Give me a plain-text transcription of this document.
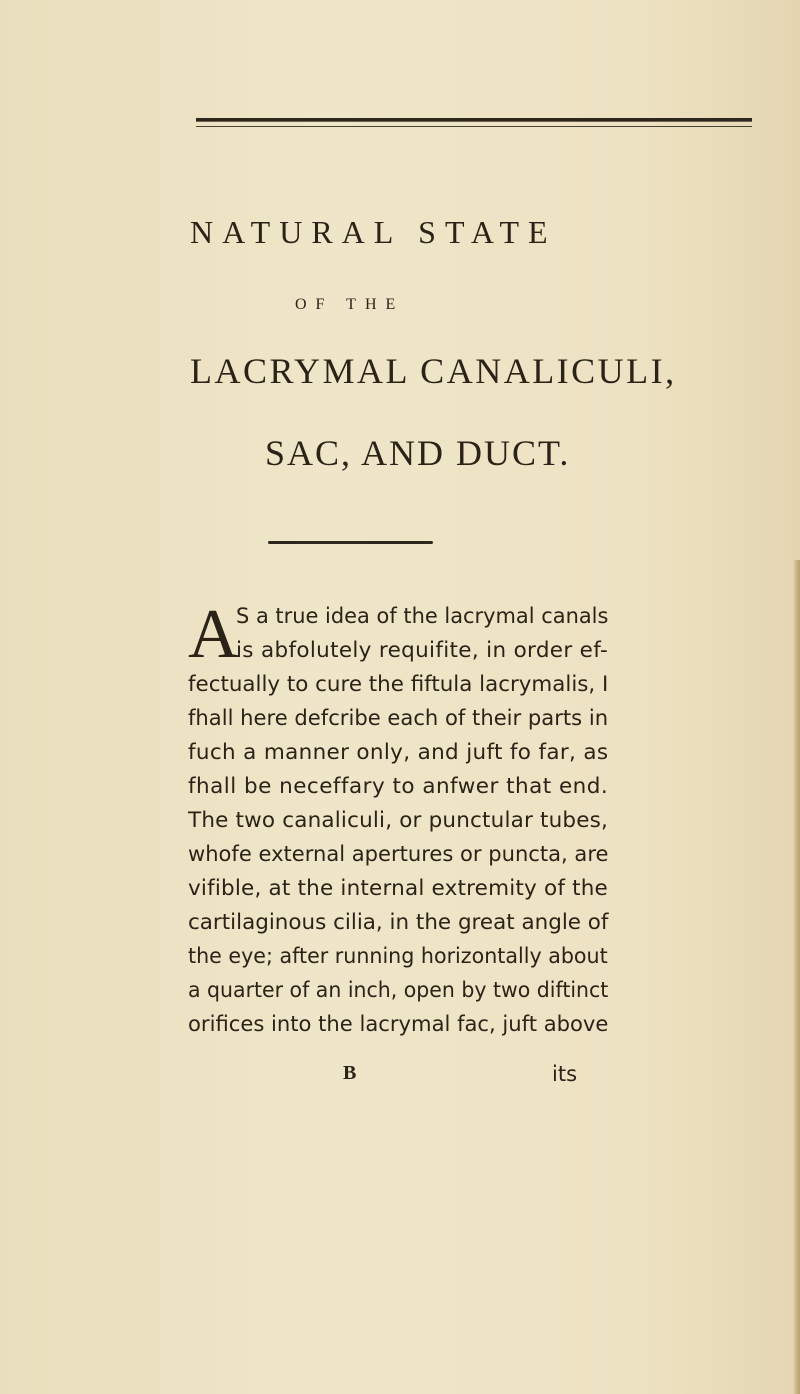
NATURAL STATE
OF THE
LACRYMAL CANALICULI,
SAC, AND DUCT.
A
S a true idea of the lacrymal canals
is abfolutely requifite, in order ef-
fectually to cure the fiftula lacrymalis, I
fhall here defcribe each of their parts in
fuch a manner only, and juft fo far, as
fhall be neceffary to anfwer that end.
The two canaliculi, or punctular tubes,
whofe external apertures or puncta, are
vifible, at the internal extremity of the
cartilaginous cilia, in the great angle of
the eye; after running horizontally about
a quarter of an inch, open by two diftinct
orifices into the lacrymal fac, juft above
B	its
